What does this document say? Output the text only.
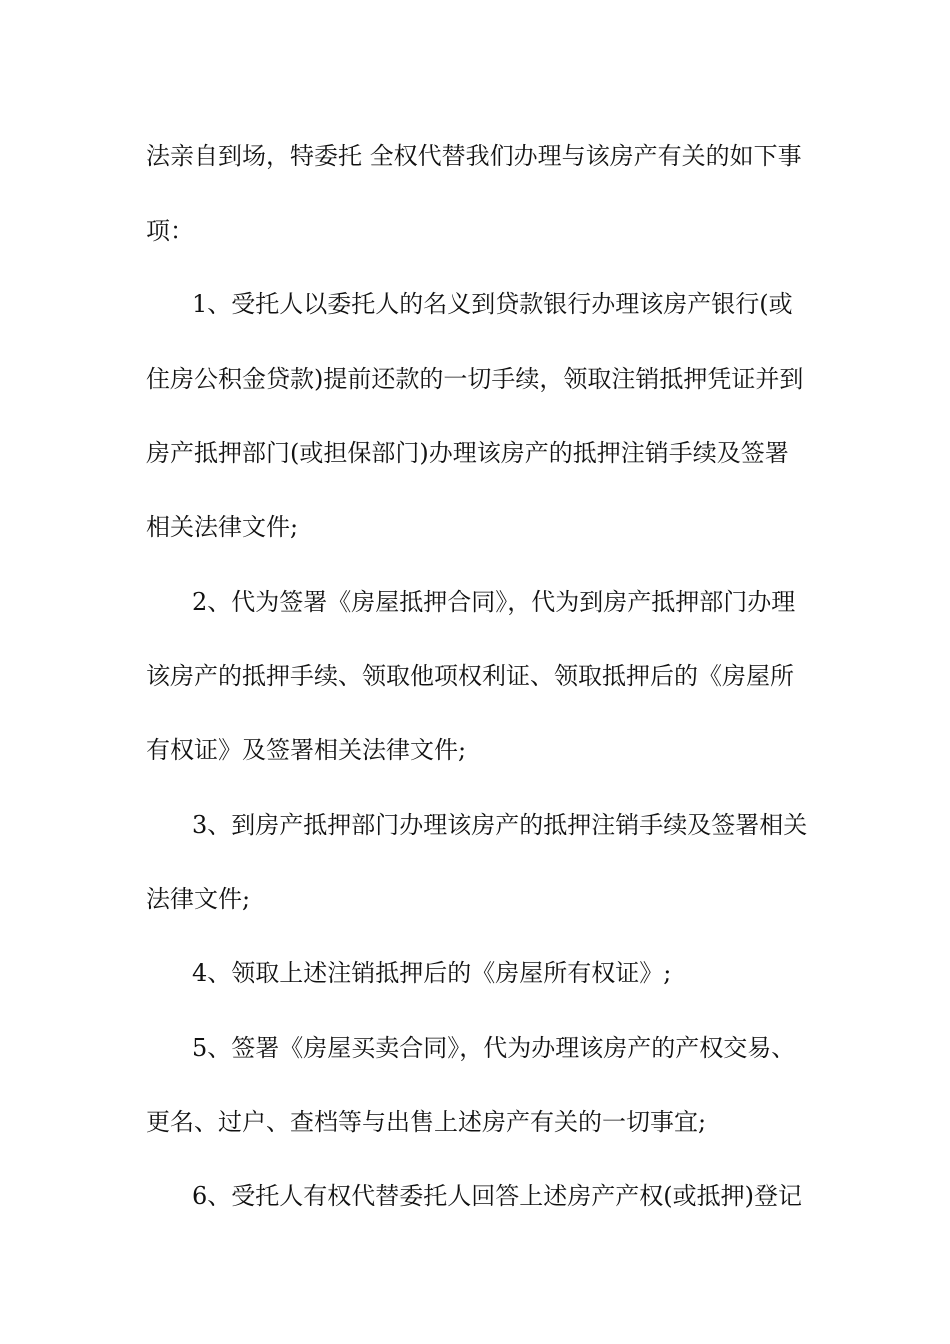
法亲自到场，特委托 全权代替我们办理与该房产有关的如下事
项：
1、受托人以委托人的名义到贷款银行办理该房产银行(或
住房公积金贷款)提前还款的一切手续，领取注销抵押凭证并到
房产抵押部门(或担保部门)办理该房产的抵押注销手续及签署
相关法律文件;
2、代为签署《房屋抵押合同》，代为到房产抵押部门办理
该房产的抵押手续、领取他项权利证、领取抵押后的《房屋所
有权证》及签署相关法律文件;
3、到房产抵押部门办理该房产的抵押注销手续及签署相关
法律文件;
4、领取上述注销抵押后的《房屋所有权证》;
5、签署《房屋买卖合同》，代为办理该房产的产权交易、
更名、过户、查档等与出售上述房产有关的一切事宜;
6、受托人有权代替委托人回答上述房产产权(或抵押)登记
